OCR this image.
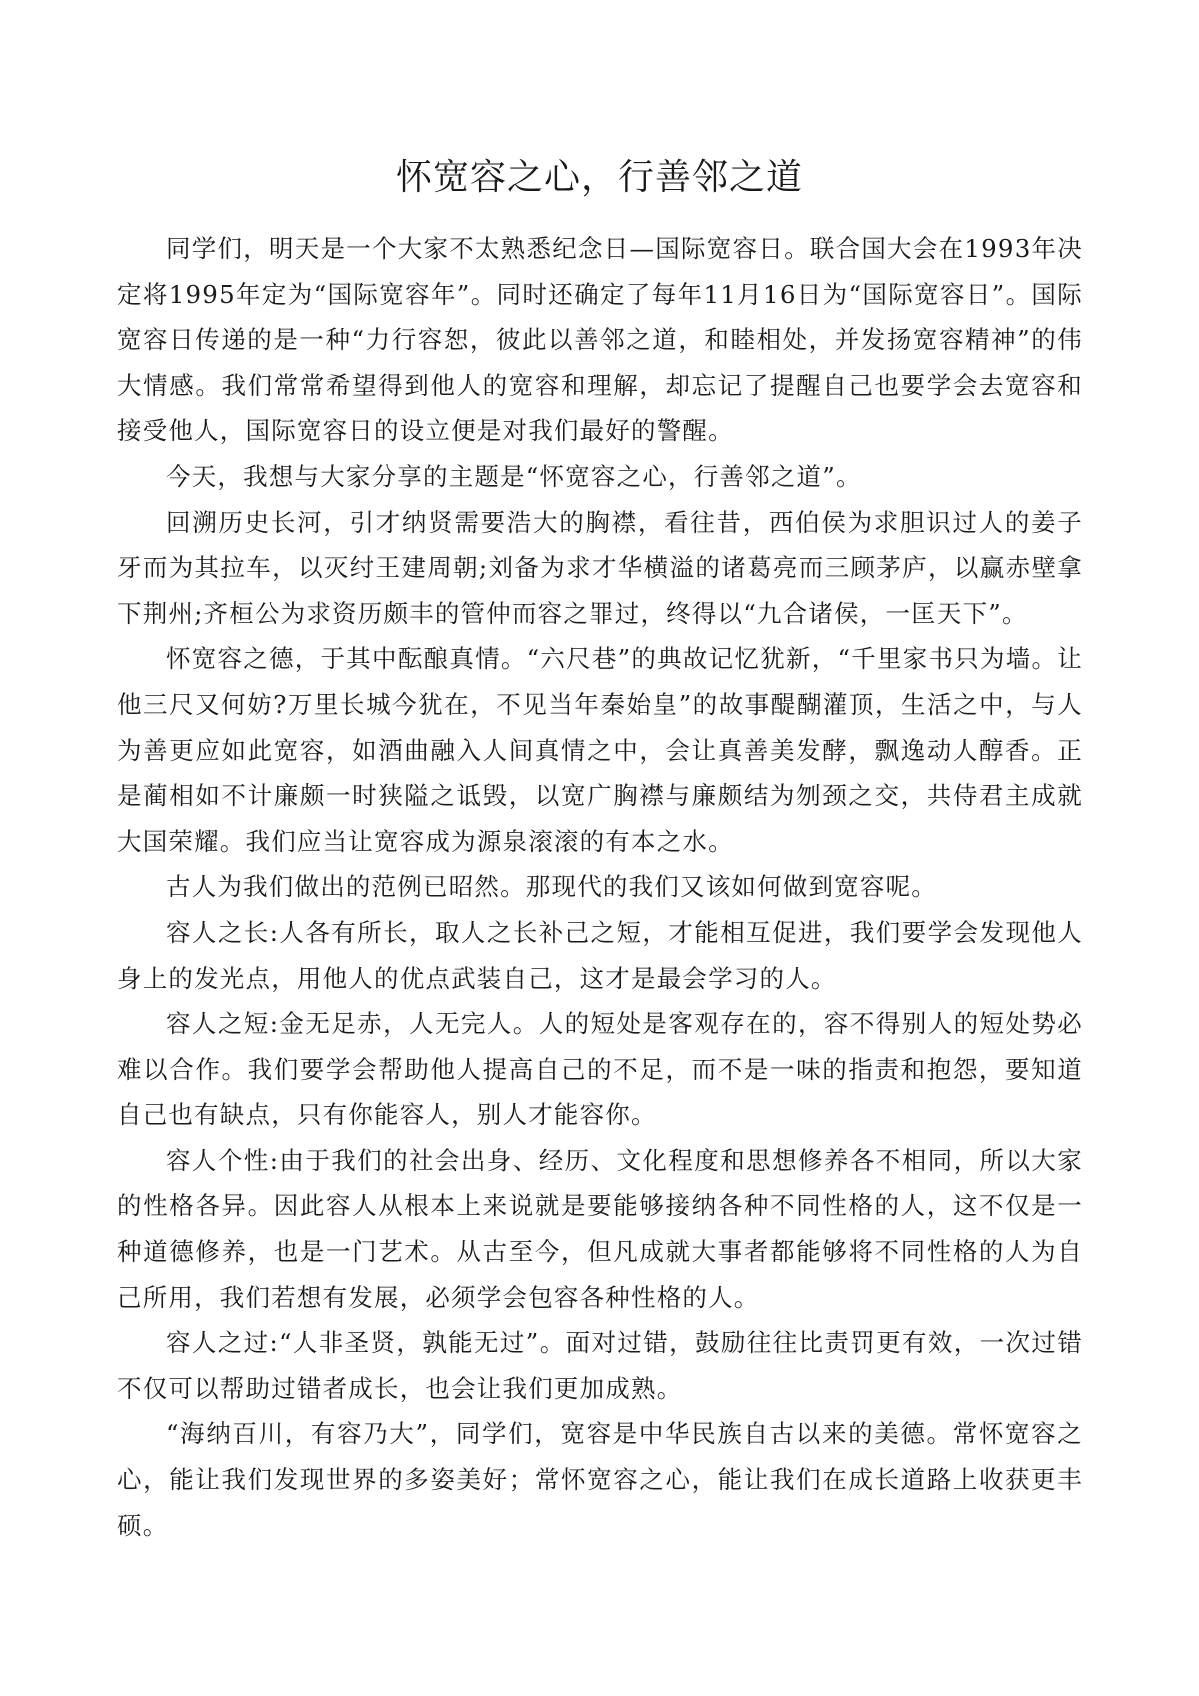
怀宽容之心，行善邻之道

同学们，明天是一个大家不太熟悉纪念日—国际宽容日。联合国大会在1993年决定将1995年定为“国际宽容年”。同时还确定了每年11月16日为“国际宽容日”。国际宽容日传递的是一种“力行容恕，彼此以善邻之道，和睦相处，并发扬宽容精神”的伟大情感。我们常常希望得到他人的宽容和理解，却忘记了提醒自己也要学会去宽容和接受他人，国际宽容日的设立便是对我们最好的警醒。

今天，我想与大家分享的主题是“怀宽容之心，行善邻之道”。

回溯历史长河，引才纳贤需要浩大的胸襟，看往昔，西伯侯为求胆识过人的姜子牙而为其拉车，以灭纣王建周朝;刘备为求才华横溢的诸葛亮而三顾茅庐，以赢赤壁拿下荆州;齐桓公为求资历颇丰的管仲而容之罪过，终得以“九合诸侯，一匡天下”。

怀宽容之德，于其中酝酿真情。“六尺巷”的典故记忆犹新，“千里家书只为墙。让他三尺又何妨?万里长城今犹在，不见当年秦始皇”的故事醍醐灌顶，生活之中，与人为善更应如此宽容，如酒曲融入人间真情之中，会让真善美发酵，飘逸动人醇香。正是蔺相如不计廉颇一时狭隘之诋毁，以宽广胸襟与廉颇结为刎颈之交，共侍君主成就大国荣耀。我们应当让宽容成为源泉滚滚的有本之水。

古人为我们做出的范例已昭然。那现代的我们又该如何做到宽容呢。

容人之长:人各有所长，取人之长补己之短，才能相互促进，我们要学会发现他人身上的发光点，用他人的优点武装自己，这才是最会学习的人。

容人之短:金无足赤，人无完人。人的短处是客观存在的，容不得别人的短处势必难以合作。我们要学会帮助他人提高自己的不足，而不是一味的指责和抱怨，要知道自己也有缺点，只有你能容人，别人才能容你。

容人个性:由于我们的社会出身、经历、文化程度和思想修养各不相同，所以大家的性格各异。因此容人从根本上来说就是要能够接纳各种不同性格的人，这不仅是一种道德修养，也是一门艺术。从古至今，但凡成就大事者都能够将不同性格的人为自己所用，我们若想有发展，必须学会包容各种性格的人。

容人之过:“人非圣贤，孰能无过”。面对过错，鼓励往往比责罚更有效，一次过错不仅可以帮助过错者成长，也会让我们更加成熟。

“海纳百川，有容乃大”，同学们，宽容是中华民族自古以来的美德。常怀宽容之心，能让我们发现世界的多姿美好；常怀宽容之心，能让我们在成长道路上收获更丰硕。
